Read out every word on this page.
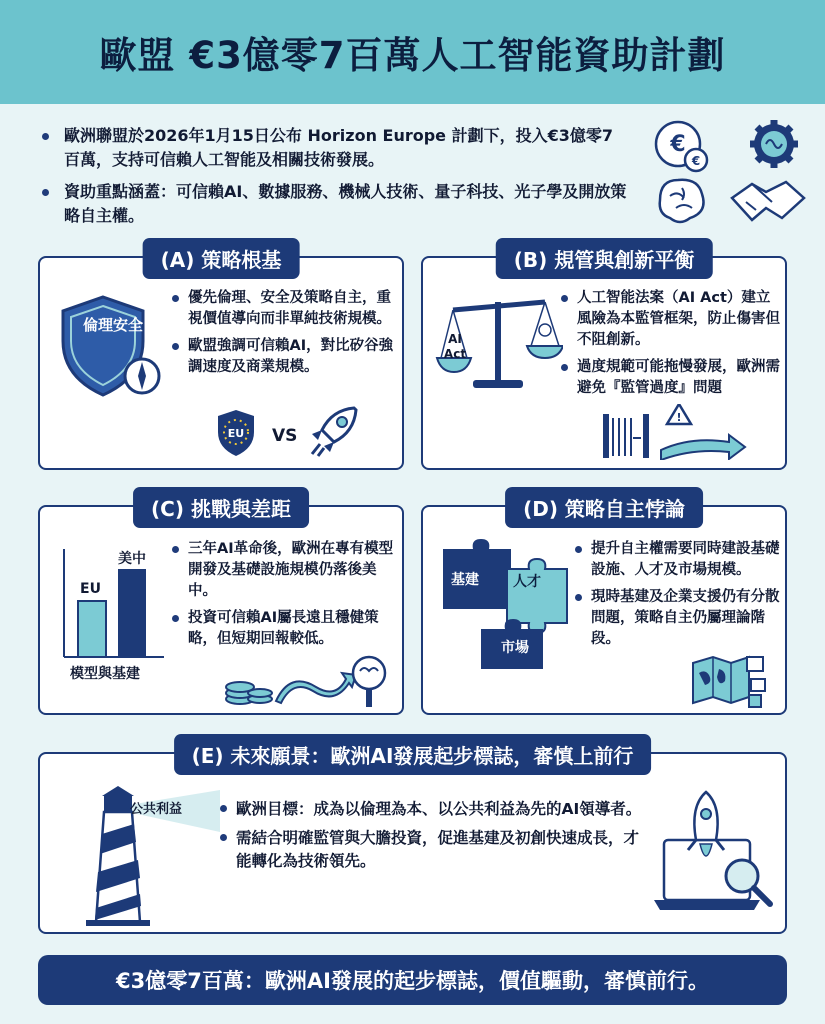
歐盟 €3億零7百萬人工智能資助計劃
歐洲聯盟於2026年1月15日公布 Horizon Europe 計劃下，投入€3億零7百萬，支持可信賴人工智能及相關技術發展。
資助重點涵蓋：可信賴AI、數據服務、機械人技術、量子科技、光子學及開放策略自主權。
€
€
(A) 策略根基
倫理安全
優先倫理、安全及策略自主，重視價值導向而非單純技術規模。
歐盟強調可信賴AI，對比矽谷強調速度及商業規模。
EU VS
(B) 規管與創新平衡
AI Act
人工智能法案（AI Act）建立風險為本監管框架，防止傷害但不阻創新。
過度規範可能拖慢發展，歐洲需避免『監管過度』問題
!
(C) 挑戰與差距
EU
美中
模型與基建
三年AI革命後，歐洲在專有模型開發及基礎設施規模仍落後美中。
投資可信賴AI屬長遠且穩健策略，但短期回報較低。
(D) 策略自主悖論
基建 人才
市場
提升自主權需要同時建設基礎設施、人才及市場規模。
現時基建及企業支援仍有分散問題，策略自主仍屬理論階段。
(E) 未來願景：歐洲AI發展起步標誌，審慎上前行
公共利益	歐洲目標：成為以倫理為本、以公共利益為先的AI領導者。
需結合明確監管與大膽投資，促進基建及初創快速成長，才能轉化為技術領先。
€3億零7百萬：歐洲AI發展的起步標誌，價值驅動，審慎前行。
